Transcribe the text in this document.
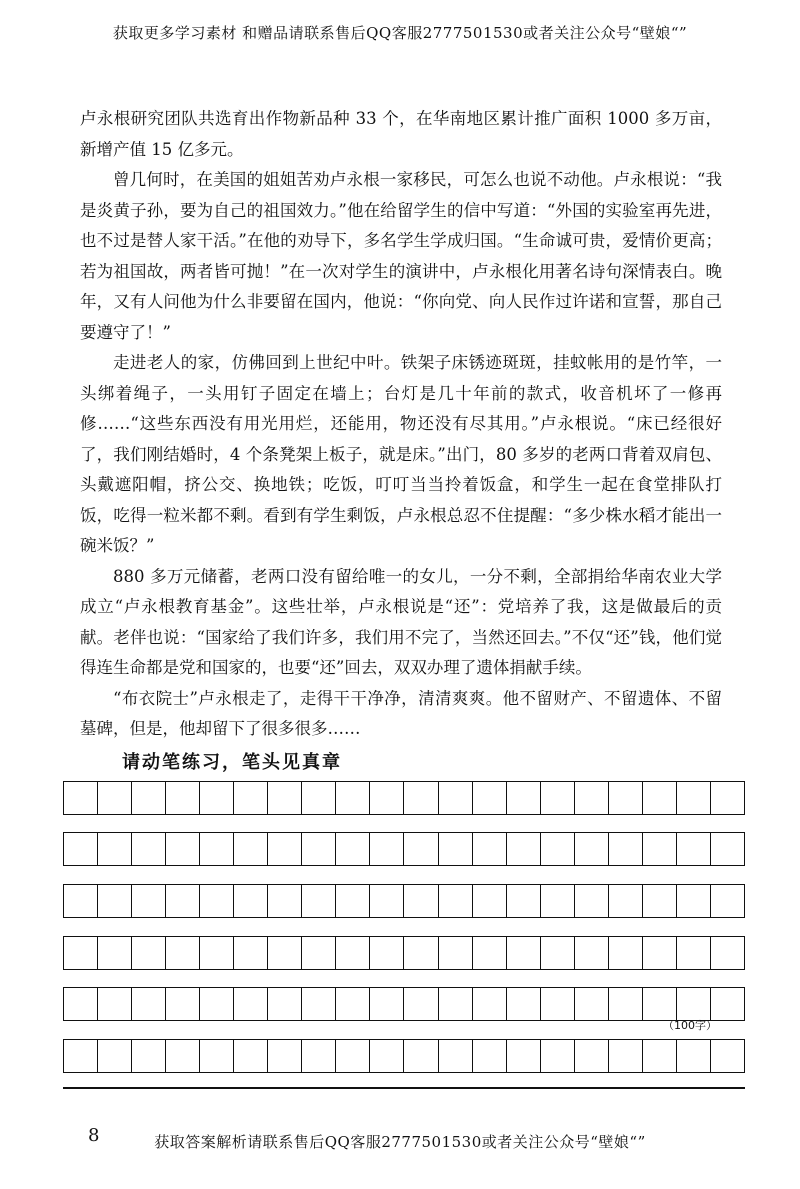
获取更多学习素材 和赠品请联系售后QQ客服2777501530或者关注公众号“壁娘“”

卢永根研究团队共选育出作物新品种 33 个，在华南地区累计推广面积 1000 多万亩，新增产值 15 亿多元。

曾几何时，在美国的姐姐苦劝卢永根一家移民，可怎么也说不动他。卢永根说：“我是炎黄子孙，要为自己的祖国效力。”他在给留学生的信中写道：“外国的实验室再先进，也不过是替人家干活。”在他的劝导下，多名学生学成归国。“生命诚可贵，爱情价更高；若为祖国故，两者皆可抛！”在一次对学生的演讲中，卢永根化用著名诗句深情表白。晚年，又有人问他为什么非要留在国内，他说：“你向党、向人民作过许诺和宣誓，那自己要遵守了！”

走进老人的家，仿佛回到上世纪中叶。铁架子床锈迹斑斑，挂蚊帐用的是竹竿，一头绑着绳子，一头用钉子固定在墙上；台灯是几十年前的款式，收音机坏了一修再修……“这些东西没有用光用烂，还能用，物还没有尽其用。”卢永根说。“床已经很好了，我们刚结婚时，4 个条凳架上板子，就是床。”出门，80 多岁的老两口背着双肩包、头戴遮阳帽，挤公交、换地铁；吃饭，叮叮当当拎着饭盒，和学生一起在食堂排队打饭，吃得一粒米都不剩。看到有学生剩饭，卢永根总忍不住提醒：“多少株水稻才能出一碗米饭？”

880 多万元储蓄，老两口没有留给唯一的女儿，一分不剩，全部捐给华南农业大学成立“卢永根教育基金”。这些壮举，卢永根说是“还”：党培养了我，这是做最后的贡献。老伴也说：“国家给了我们许多，我们用不完了，当然还回去。”不仅“还”钱，他们觉得连生命都是党和国家的，也要“还”回去，双双办理了遗体捐献手续。

“布衣院士”卢永根走了，走得干干净净，清清爽爽。他不留财产、不留遗体、不留墓碑，但是，他却留下了很多很多……

请动笔练习，笔头见真章
（100字）
8	获取答案解析请联系售后QQ客服2777501530或者关注公众号“壁娘“”
